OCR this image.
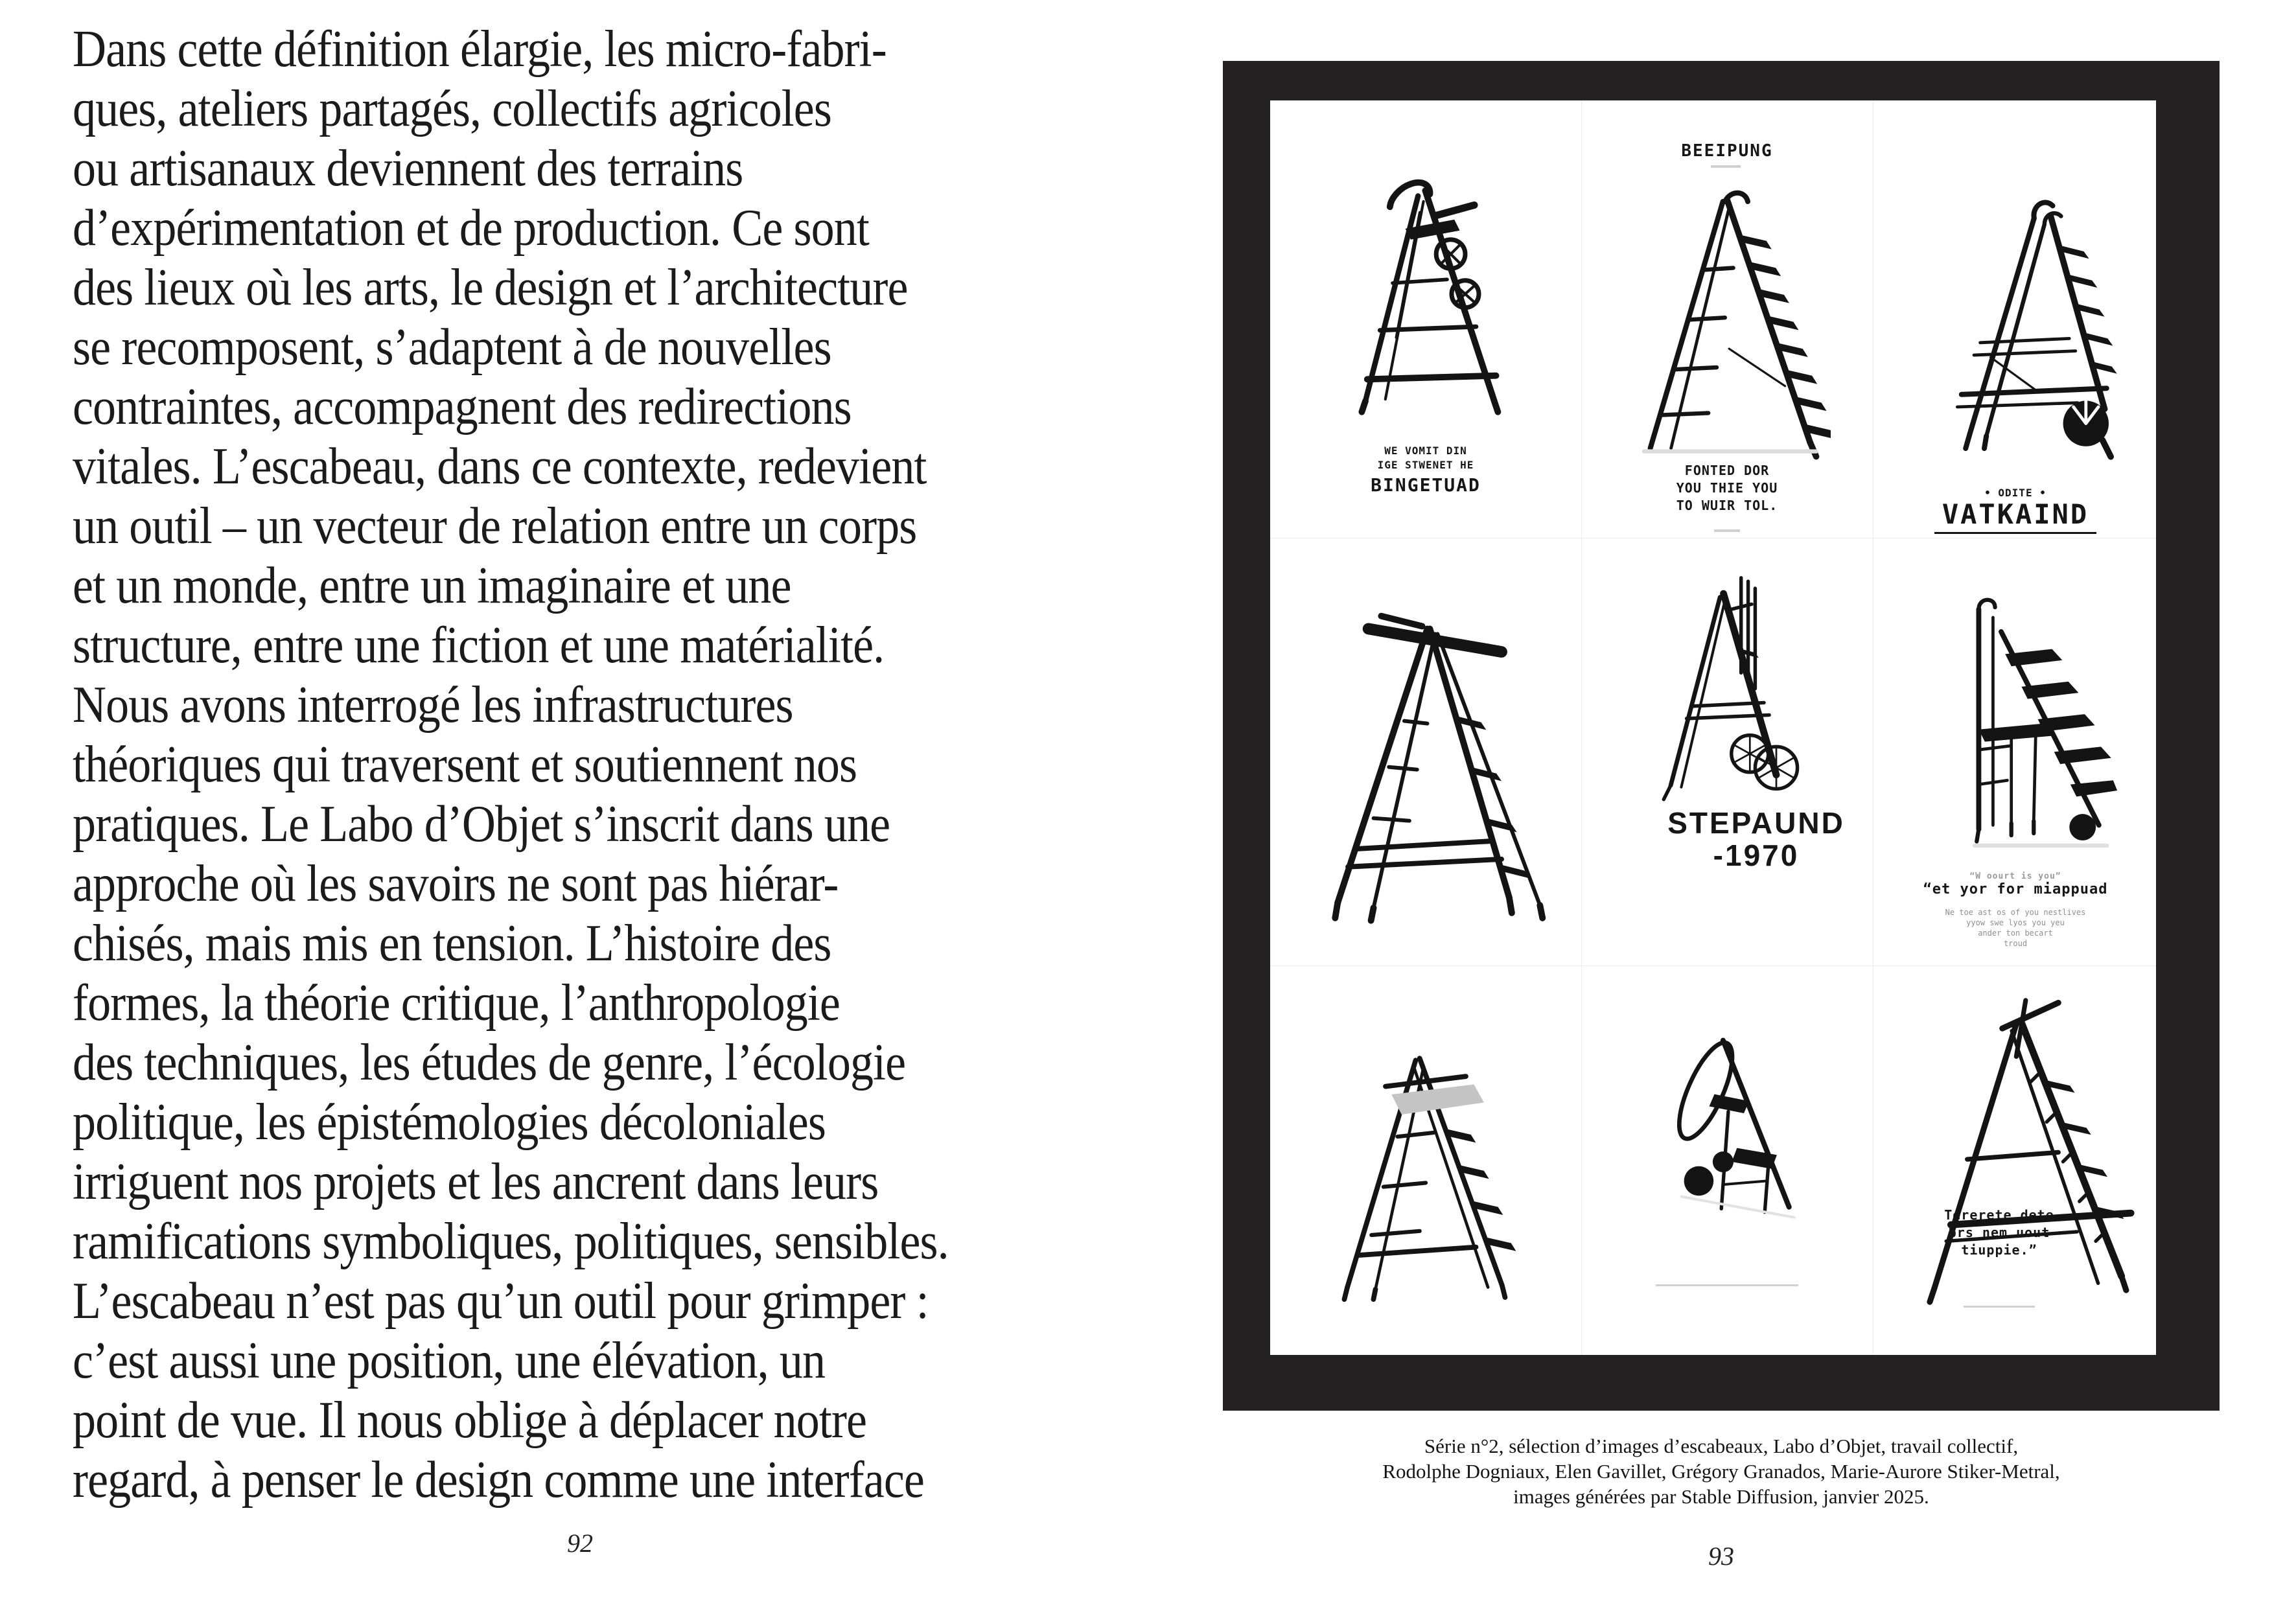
Dans cette définition élargie, les micro-fabri-
ques, ateliers partagés, collectifs agricoles
ou artisanaux deviennent des terrains
d’expérimentation et de production. Ce sont
des lieux où les arts, le design et l’architecture
se recomposent, s’adaptent à de nouvelles
contraintes, accompagnent des redirections
vitales. L’escabeau, dans ce contexte, redevient
un outil – un vecteur de relation entre un corps
et un monde, entre un imaginaire et une
structure, entre une fiction et une matérialité.
Nous avons interrogé les infrastructures
théoriques qui traversent et soutiennent nos
pratiques. Le Labo d’Objet s’inscrit dans une
approche où les savoirs ne sont pas hiérar-
chisés, mais mis en tension. L’histoire des
formes, la théorie critique, l’anthropologie
des techniques, les études de genre, l’écologie
politique, les épistémologies décoloniales
irriguent nos projets et les ancrent dans leurs
ramifications symboliques, politiques, sensibles.
L’escabeau n’est pas qu’un outil pour grimper :
c’est aussi une position, une élévation, un
point de vue. Il nous oblige à déplacer notre
regard, à penser le design comme une interface
92
WE VOMIT DIN
IGE STWENET HE
BINGETUAD
BEEIPUNG
FONTED DOR
YOU THIE YOU
TO WUIR TOL.
• ODITE •
VATKAIND
STEPAUND
-1970
“W oourt is you”
“et yor for miappuad
Ne toe ast os of you nestlives
yyow swe lyos you yeu
ander ton becart
troud
Tererete dete
brs nem uout
tiuppie.”
Série n°2, sélection d’images d’escabeaux, Labo d’Objet, travail collectif,
Rodolphe Dogniaux, Elen Gavillet, Grégory Granados, Marie-Aurore Stiker-Metral,
images générées par Stable Diffusion, janvier 2025.
93
